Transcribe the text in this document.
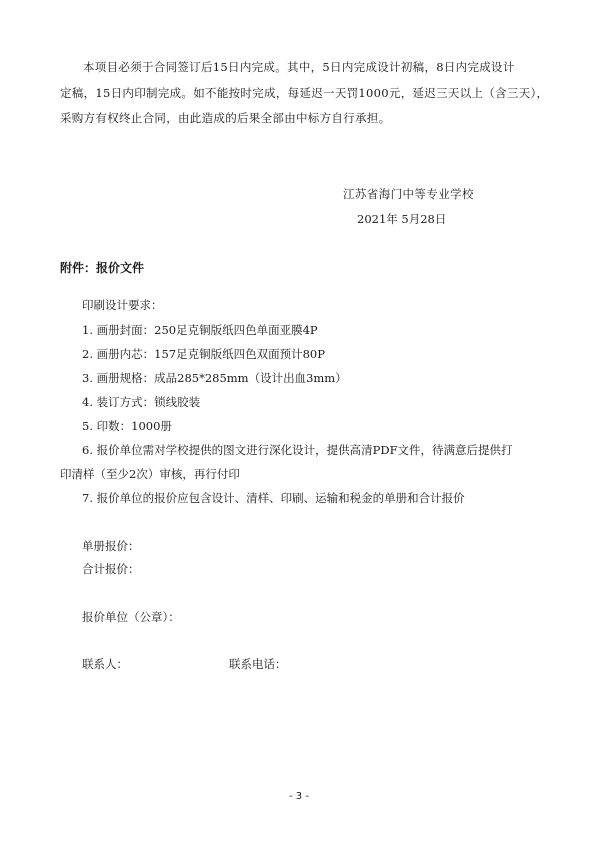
本项目必须于合同签订后15日内完成。其中，5日内完成设计初稿，8日内完成设计
定稿，15日内印制完成。如不能按时完成，每延迟一天罚1000元，延迟三天以上（含三天），
采购方有权终止合同，由此造成的后果全部由中标方自行承担。
江苏省海门中等专业学校
2021年 5月28日
附件：报价文件
印刷设计要求：
1. 画册封面：250足克铜版纸四色单面亚膜4P
2. 画册内芯：157足克铜版纸四色双面预计80P
3. 画册规格：成品285*285mm（设计出血3mm）
4. 装订方式：锁线胶装
5. 印数：1000册
6. 报价单位需对学校提供的图文进行深化设计，提供高清PDF文件，待满意后提供打
印清样（至少2次）审核，再行付印
7. 报价单位的报价应包含设计、清样、印刷、运输和税金的单册和合计报价
单册报价：
合计报价：
报价单位（公章）：
联系人：	联系电话：
- 3 -
